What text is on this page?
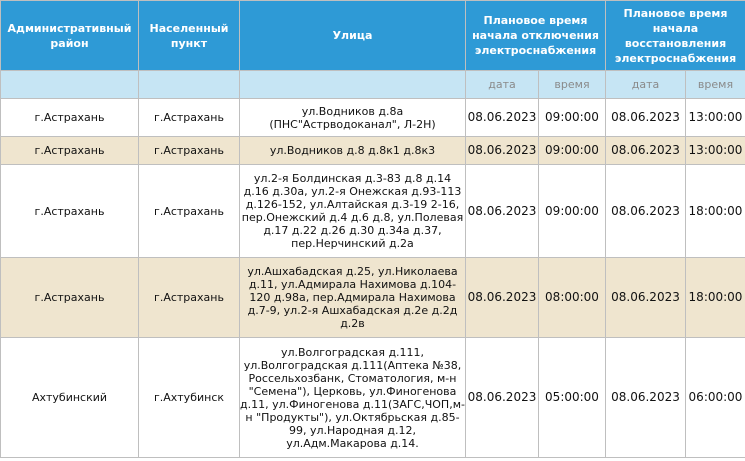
Административный район	Населенный пункт	Улица	Плановое время начала отключения электроснабжения		Плановое время начала восстановления электроснабжения	
			дата	время	дата	время
г.Астрахань	г.Астрахань	ул.Водников д.8а (ПНС"Астрводоканал", Л-2Н)	08.06.2023	09:00:00	08.06.2023	13:00:00
г.Астрахань	г.Астрахань	ул.Водников д.8 д.8к1 д.8к3	08.06.2023	09:00:00	08.06.2023	13:00:00
г.Астрахань	г.Астрахань	ул.2-я Болдинская д.3-83 д.8 д.14 д.16 д.30а, ул.2-я Онежская д.93-113 д.126-152, ул.Алтайская д.3-19 2-16, пер.Онежский д.4 д.6 д.8, ул.Полевая д.17 д.22 д.26 д.30 д.34а д.37, пер.Нерчинский д.2а	08.06.2023	09:00:00	08.06.2023	18:00:00
г.Астрахань	г.Астрахань	ул.Ашхабадская д.25, ул.Николаева д.11, ул.Адмирала Нахимова д.104-120 д.98а, пер.Адмирала Нахимова д.7-9, ул.2-я Ашхабадская д.2е д.2д д.2в	08.06.2023	08:00:00	08.06.2023	18:00:00
Ахтубинский	г.Ахтубинск	ул.Волгоградская д.111, ул.Волгоградская д.111(Аптека №38, Россельхозбанк, Стоматология, м-н "Семена"), Церковь, ул.Финогенова д.11, ул.Финогенова д.11(ЗАГС,ЧОП,м-н "Продукты"), ул.Октябрьская д.85-99, ул.Народная д.12, ул.Адм.Макарова д.14.	08.06.2023	05:00:00	08.06.2023	06:00:00
